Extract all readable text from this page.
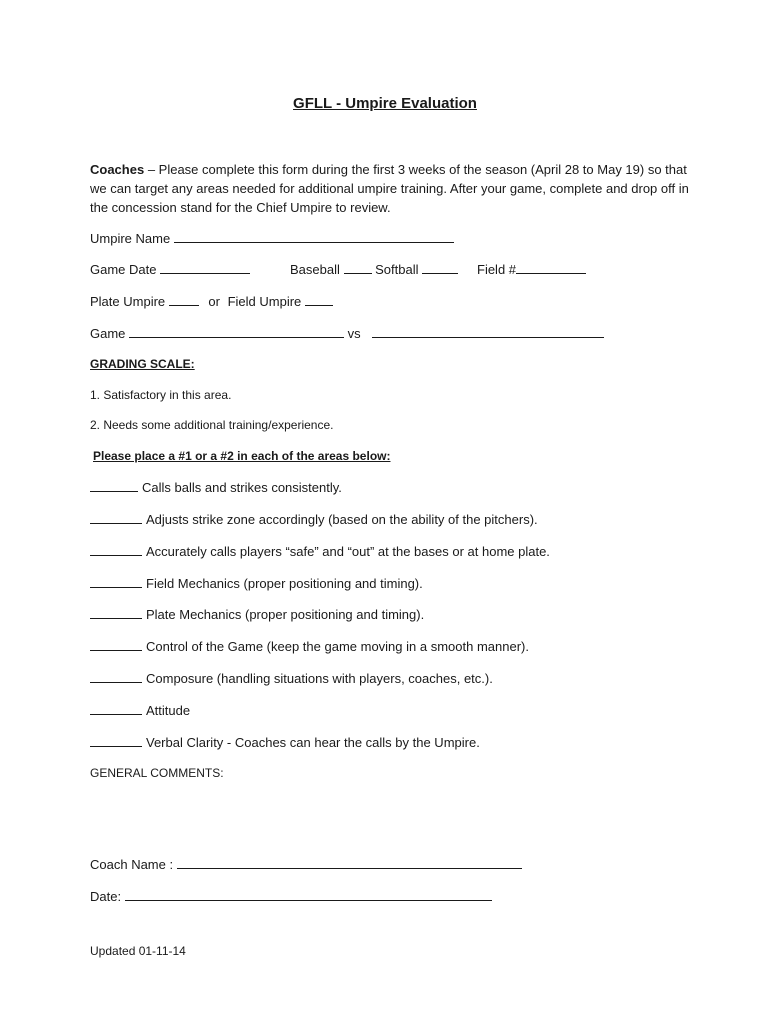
GFLL - Umpire Evaluation
Coaches – Please complete this form during the first 3 weeks of the season (April 28 to May 19) so that we can target any areas needed for additional umpire training. After your game, complete and drop off in the concession stand for the Chief Umpire to review.
Umpire Name
Game Date	Baseball	Softball	Field #
Plate Umpire	or Field Umpire
Game	vs
GRADING SCALE:
1. Satisfactory in this area.
2. Needs some additional training/experience.
Please place a #1 or a #2 in each of the areas below:
Calls balls and strikes consistently.
Adjusts strike zone accordingly (based on the ability of the pitchers).
Accurately calls players “safe” and “out” at the bases or at home plate.
Field Mechanics (proper positioning and timing).
Plate Mechanics (proper positioning and timing).
Control of the Game (keep the game moving in a smooth manner).
Composure (handling situations with players, coaches, etc.).
Attitude
Verbal Clarity - Coaches can hear the calls by the Umpire.
GENERAL COMMENTS:
Coach Name :
Date:
Updated 01-11-14
